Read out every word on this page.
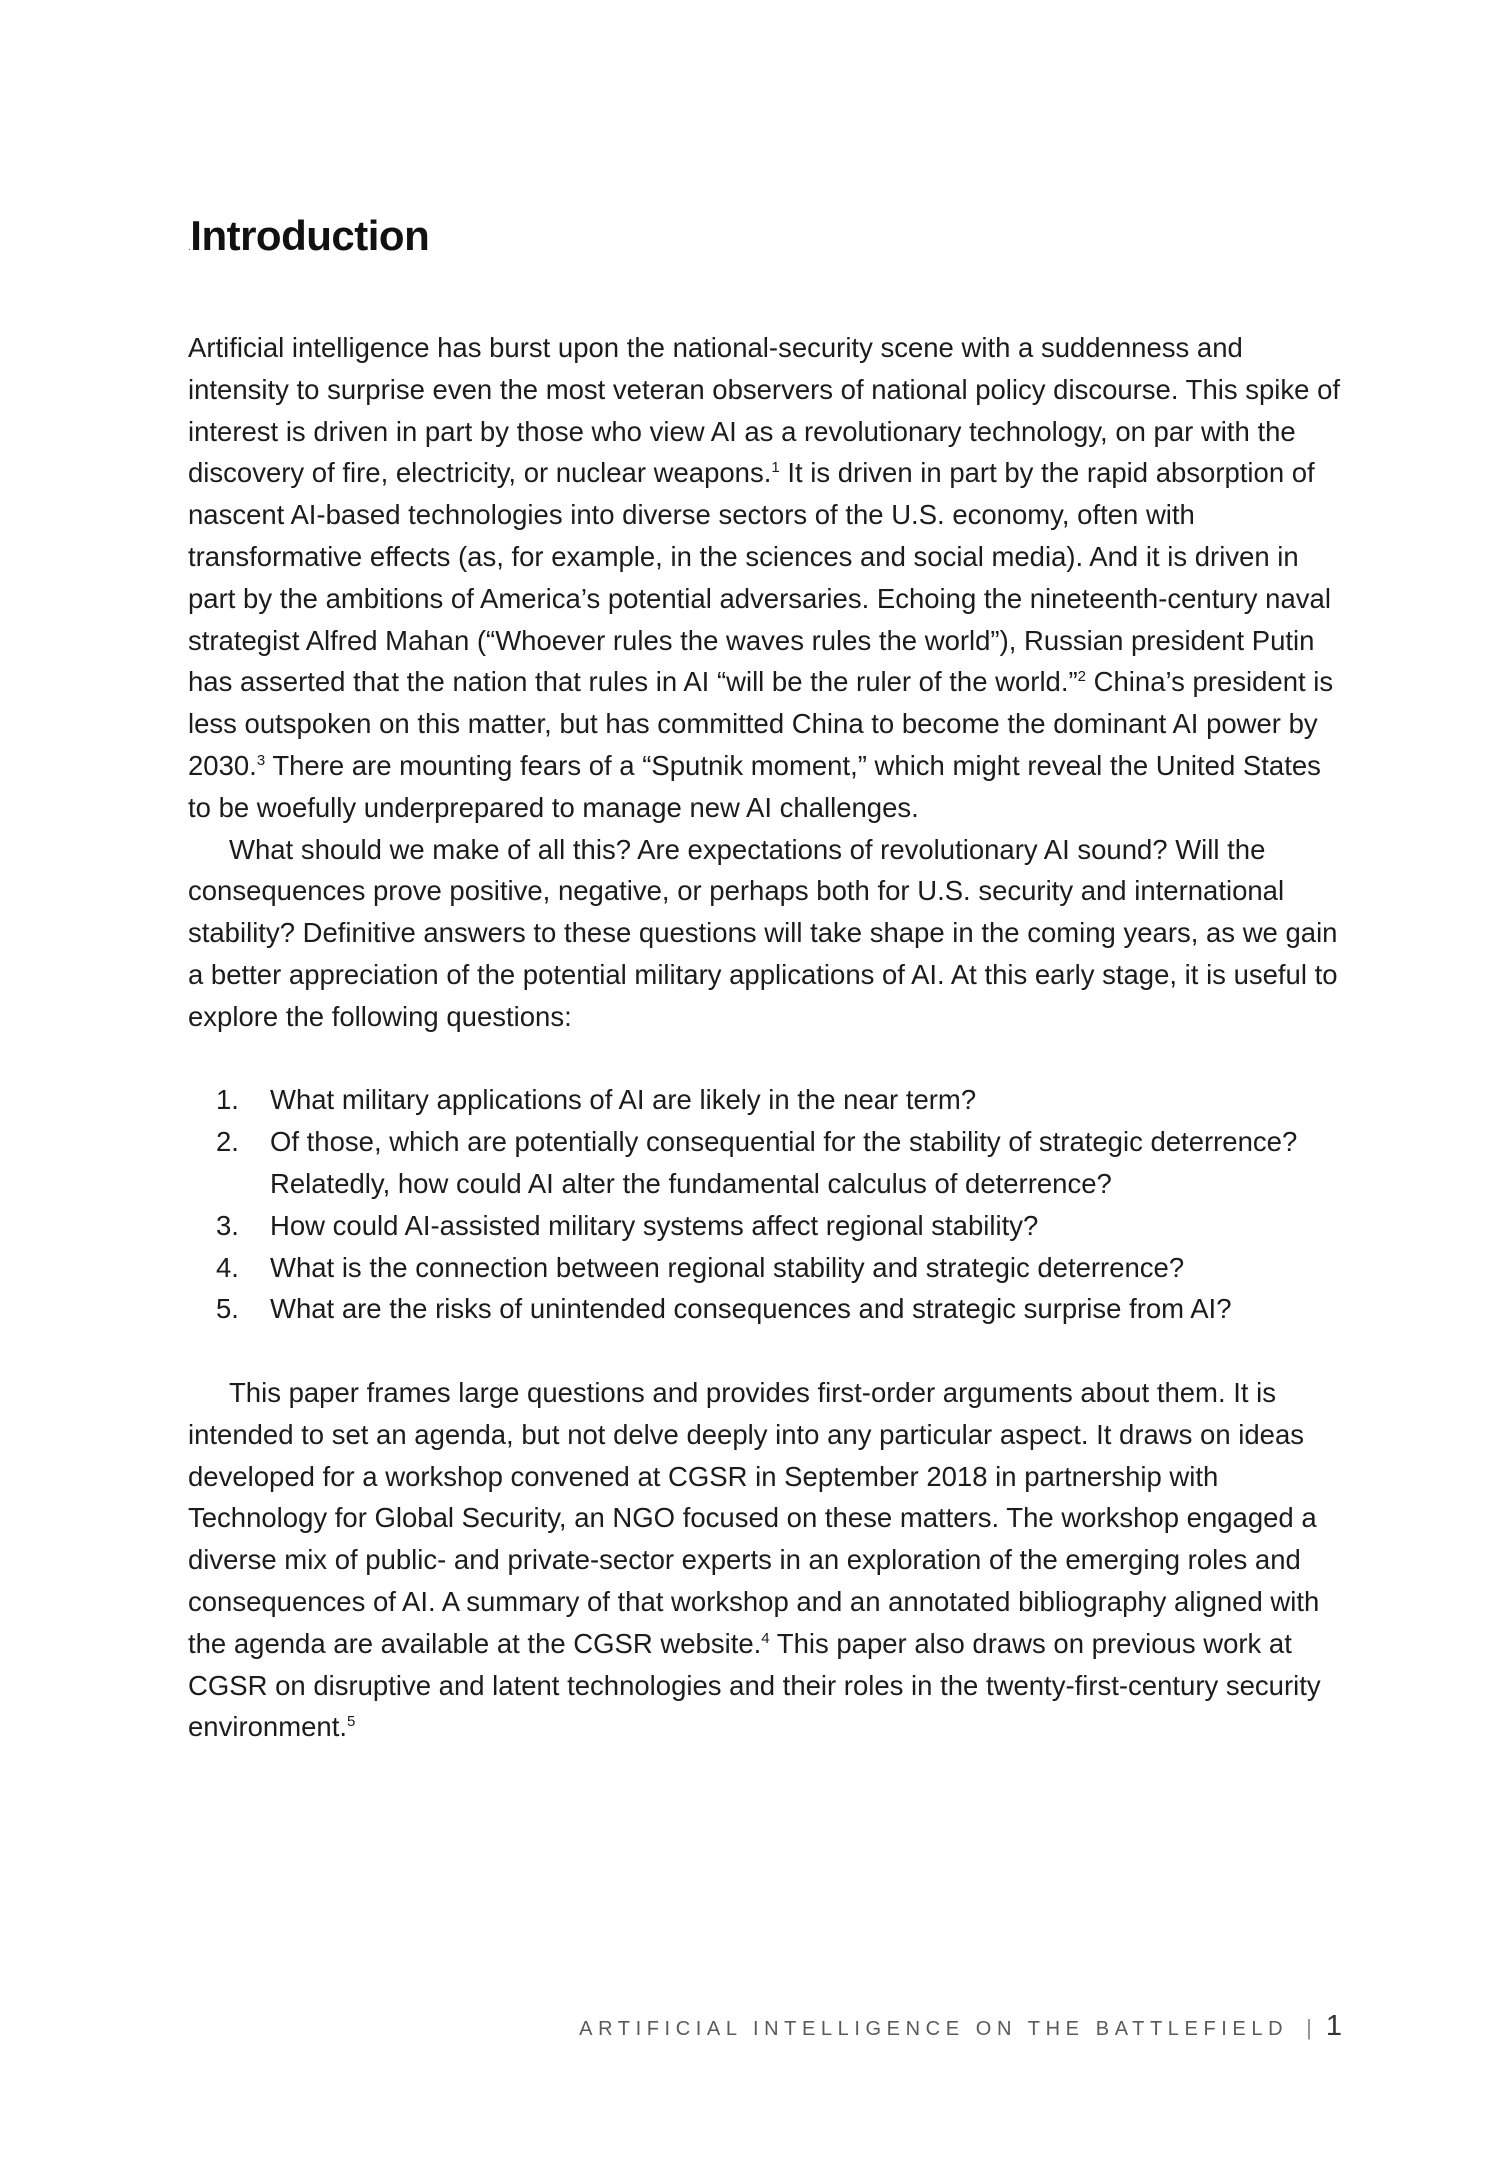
.Introduction

Artificial intelligence has burst upon the national-security scene with a suddenness and intensity to surprise even the most veteran observers of national policy discourse. This spike of interest is driven in part by those who view AI as a revolutionary technology, on par with the discovery of fire, electricity, or nuclear weapons.$^1$ It is driven in part by the rapid absorption of nascent AI-based technologies into diverse sectors of the U.S. economy, often with transformative effects (as, for example, in the sciences and social media). And it is driven in part by the ambitions of America’s potential adversaries. Echoing the nineteenth-century naval strategist Alfred Mahan (“Whoever rules the waves rules the world”), Russian president Putin has asserted that the nation that rules in AI “will be the ruler of the world.”$^2$ China’s president is less outspoken on this matter, but has committed China to become the dominant AI power by 2030.$^3$ There are mounting fears of a “Sputnik moment,” which might reveal the United States to be woefully underprepared to manage new AI challenges.

What should we make of all this? Are expectations of revolutionary AI sound? Will the consequences prove positive, negative, or perhaps both for U.S. security and international stability? Definitive answers to these questions will take shape in the coming years, as we gain a better appreciation of the potential military applications of AI. At this early stage, it is useful to explore the following questions:

1. What military applications of AI are likely in the near term?
2. Of those, which are potentially consequential for the stability of strategic deterrence? Relatedly, how could AI alter the fundamental calculus of deterrence?
3. How could AI-assisted military systems affect regional stability?
4. What is the connection between regional stability and strategic deterrence?
5. What are the risks of unintended consequences and strategic surprise from AI?

This paper frames large questions and provides first-order arguments about them. It is intended to set an agenda, but not delve deeply into any particular aspect. It draws on ideas developed for a workshop convened at CGSR in September 2018 in partnership with Technology for Global Security, an NGO focused on these matters. The workshop engaged a diverse mix of public- and private-sector experts in an exploration of the emerging roles and consequences of AI. A summary of that workshop and an annotated bibliography aligned with the agenda are available at the CGSR website.$^4$ This paper also draws on previous work at CGSR on disruptive and latent technologies and their roles in the twenty-first-century security environment.$^5$

ARTIFICIAL INTELLIGENCE ON THE BATTLEFIELD | 1
